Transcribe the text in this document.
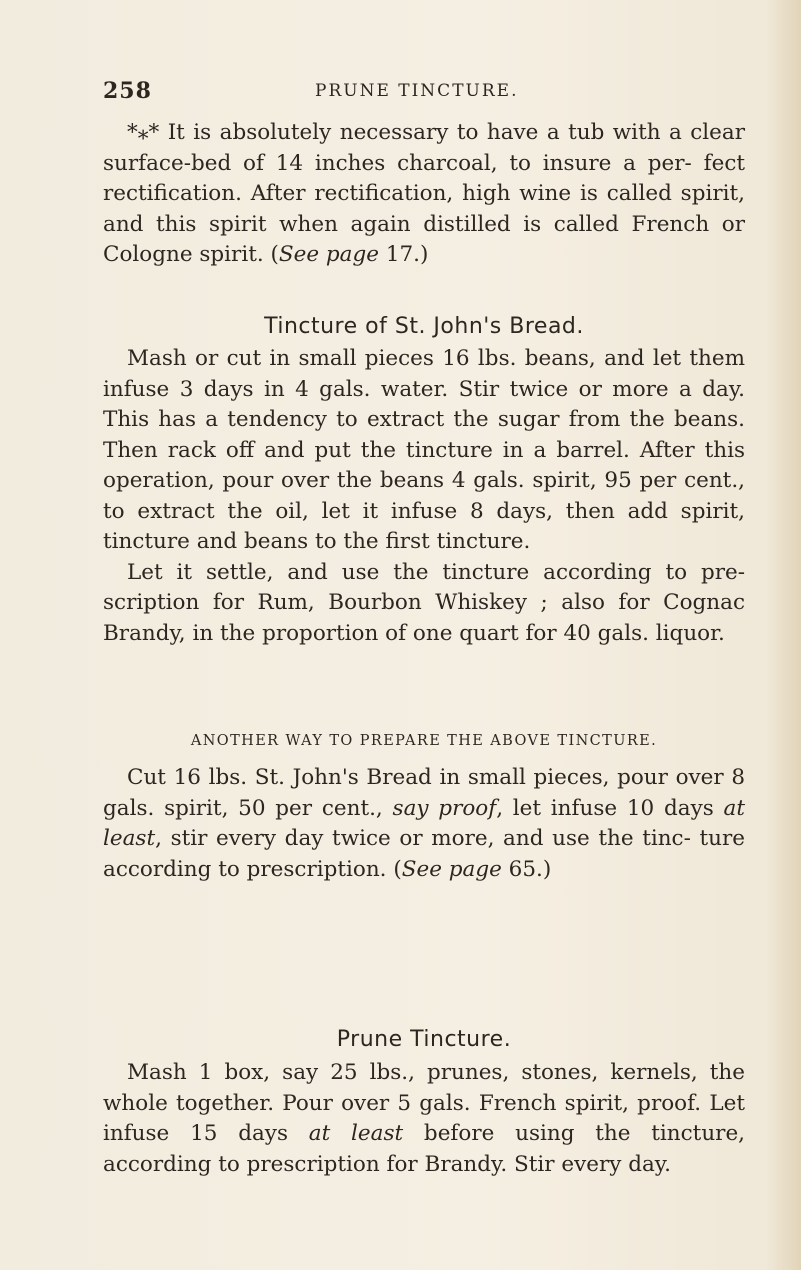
258	PRUNE TINCTURE.

*⁎* It is absolutely necessary to have a tub with a clear surface-bed of 14 inches charcoal, to insure a per- fect rectification. After rectification, high wine is called spirit, and this spirit when again distilled is called French or Cologne spirit. (See page 17.)

Tincture of St. John's Bread.

Mash or cut in small pieces 16 lbs. beans, and let them infuse 3 days in 4 gals. water. Stir twice or more a day. This has a tendency to extract the sugar from the beans. Then rack off and put the tincture in a barrel. After this operation, pour over the beans 4 gals. spirit, 95 per cent., to extract the oil, let it infuse 8 days, then add spirit, tincture and beans to the first tincture.

Let it settle, and use the tincture according to pre- scription for Rum, Bourbon Whiskey ; also for Cognac Brandy, in the proportion of one quart for 40 gals. liquor.

ANOTHER WAY TO PREPARE THE ABOVE TINCTURE.

Cut 16 lbs. St. John's Bread in small pieces, pour over 8 gals. spirit, 50 per cent., say proof, let infuse 10 days at least, stir every day twice or more, and use the tinc- ture according to prescription. (See page 65.)

Prune Tincture.

Mash 1 box, say 25 lbs., prunes, stones, kernels, the whole together. Pour over 5 gals. French spirit, proof. Let infuse 15 days at least before using the tincture, according to prescription for Brandy. Stir every day.
